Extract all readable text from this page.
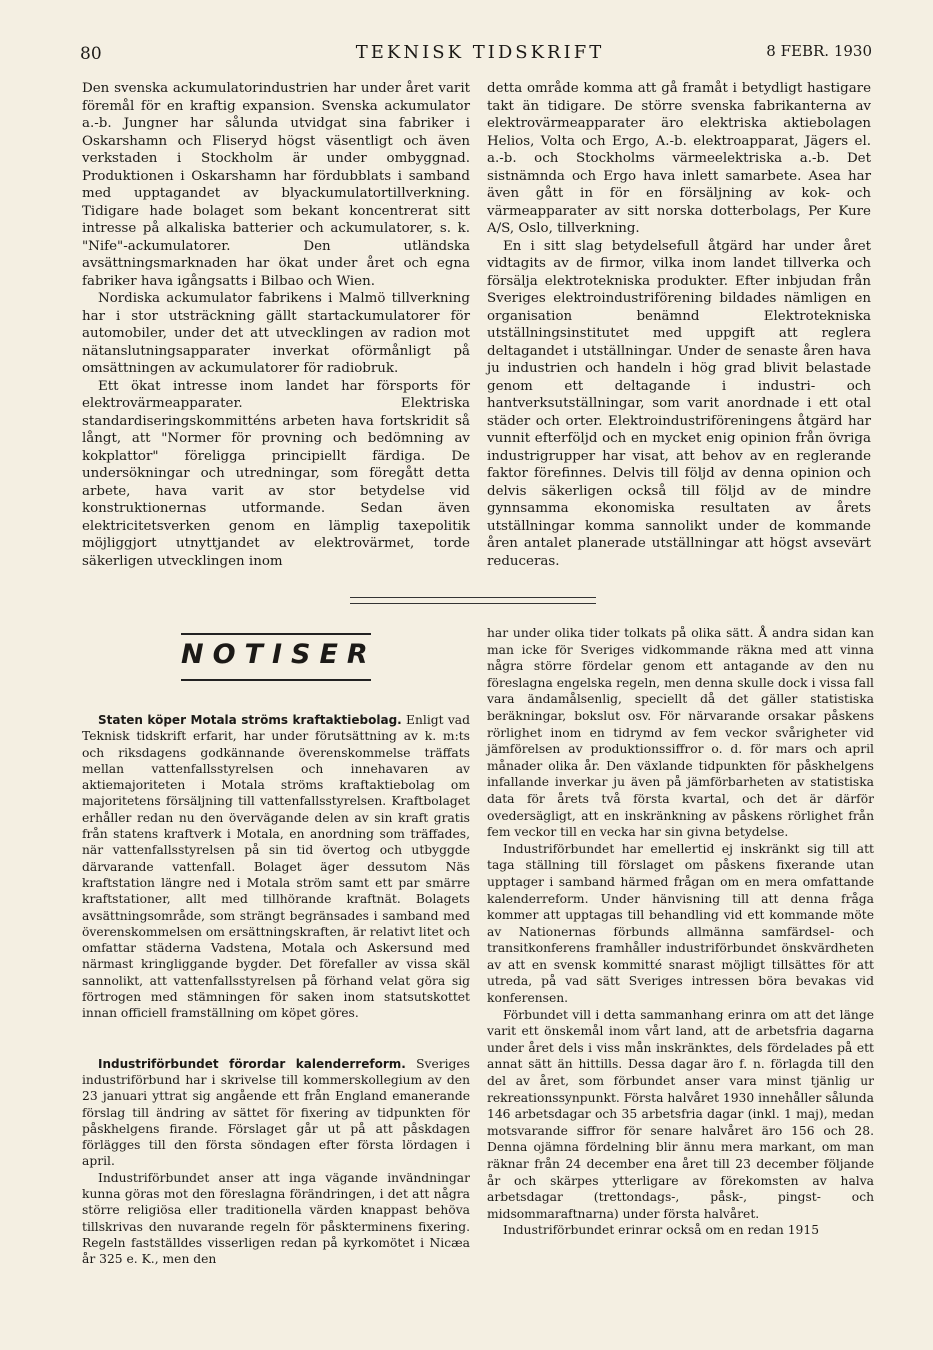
80	TEKNISK TIDSKRIFT	8 FEBR. 1930

Den svenska ackumulatorindustrien har under året varit föremål för en kraftig expansion. Svenska ackumulator a.-b. Jungner har sålunda utvidgat sina fabriker i Oskarshamn och Fliseryd högst väsentligt och även verkstaden i Stockholm är under ombyggnad. Produktionen i Oskarshamn har fördubblats i samband med upptagandet av blyackumulatortillverkning. Tidigare hade bolaget som bekant koncentrerat sitt intresse på alkaliska batterier och ackumulatorer, s. k. "Nife"-ackumulatorer. Den utländska avsättningsmarknaden har ökat under året och egna fabriker hava igångsatts i Bilbao och Wien.

Nordiska ackumulator fabrikens i Malmö tillverkning har i stor utsträckning gällt startackumulatorer för automobiler, under det att utvecklingen av radion mot nätanslutningsapparater inverkat oförmånligt på omsättningen av ackumulatorer för radiobruk.

Ett ökat intresse inom landet har försports för elektrovärmeapparater. Elektriska standardiseringskommitténs arbeten hava fortskridit så långt, att "Normer för provning och bedömning av kokplattor" föreligga principiellt färdiga. De undersökningar och utredningar, som föregått detta arbete, hava varit av stor betydelse vid konstruktionernas utformande. Sedan även elektricitetsverken genom en lämplig taxepolitik möjliggjort utnyttjandet av elektrovärmet, torde säkerligen utvecklingen inom

detta område komma att gå framåt i betydligt hastigare takt än tidigare. De större svenska fabrikanterna av elektrovärmeapparater äro elektriska aktiebolagen Helios, Volta och Ergo, A.-b. elektroapparat, Jägers el. a.-b. och Stockholms värmeelektriska a.-b. Det sistnämnda och Ergo hava inlett samarbete. Asea har även gått in för en försäljning av kok- och värmeapparater av sitt norska dotterbolags, Per Kure A/S, Oslo, tillverkning.

En i sitt slag betydelsefull åtgärd har under året vidtagits av de firmor, vilka inom landet tillverka och försälja elektrotekniska produkter. Efter inbjudan från Sveriges elektroindustriförening bildades nämligen en organisation benämnd Elektrotekniska utställningsinstitutet med uppgift att reglera deltagandet i utställningar. Under de senaste åren hava ju industrien och handeln i hög grad blivit belastade genom ett deltagande i industri- och hantverksutställningar, som varit anordnade i ett otal städer och orter. Elektroindustriföreningens åtgärd har vunnit efterföljd och en mycket enig opinion från övriga industrigrupper har visat, att behov av en reglerande faktor förefinnes. Delvis till följd av denna opinion och delvis säkerligen också till följd av de mindre gynnsamma ekonomiska resultaten av årets utställningar komma sannolikt under de kommande åren antalet planerade utställningar att högst avsevärt reduceras.

NOTISER

Staten köper Motala ströms kraftaktiebolag. Enligt vad Teknisk tidskrift erfarit, har under förutsättning av k. m:ts och riksdagens godkännande överenskommelse träffats mellan vattenfallsstyrelsen och innehavaren av aktiemajoriteten i Motala ströms kraftaktiebolag om majoritetens försäljning till vattenfallsstyrelsen. Kraftbolaget erhåller redan nu den övervägande delen av sin kraft gratis från statens kraftverk i Motala, en anordning som träffades, när vattenfallsstyrelsen på sin tid övertog och utbyggde därvarande vattenfall. Bolaget äger dessutom Näs kraftstation längre ned i Motala ström samt ett par smärre kraftstationer, allt med tillhörande kraftnät. Bolagets avsättningsområde, som strängt begränsades i samband med överenskommelsen om ersättningskraften, är relativt litet och omfattar städerna Vadstena, Motala och Askersund med närmast kringliggande bygder. Det förefaller av vissa skäl sannolikt, att vattenfallsstyrelsen på förhand velat göra sig förtrogen med stämningen för saken inom statsutskottet innan officiell framställning om köpet göres.

Industriförbundet förordar kalenderreform. Sveriges industriförbund har i skrivelse till kommerskollegium av den 23 januari yttrat sig angående ett från England emanerande förslag till ändring av sättet för fixering av tidpunkten för påskhelgens firande. Förslaget går ut på att påskdagen förlägges till den första söndagen efter första lördagen i april.

Industriförbundet anser att inga vägande invändningar kunna göras mot den föreslagna förändringen, i det att några större religiösa eller traditionella värden knappast behöva tillskrivas den nuvarande regeln för påskterminens fixering. Regeln fastställdes visserligen redan på kyrkomötet i Nicæa år 325 e. K., men den

har under olika tider tolkats på olika sätt. Å andra sidan kan man icke för Sveriges vidkommande räkna med att vinna några större fördelar genom ett antagande av den nu föreslagna engelska regeln, men denna skulle dock i vissa fall vara ändamålsenlig, speciellt då det gäller statistiska beräkningar, bokslut osv. För närvarande orsakar påskens rörlighet inom en tidrymd av fem veckor svårigheter vid jämförelsen av produktionssiffror o. d. för mars och april månader olika år. Den växlande tidpunkten för påskhelgens infallande inverkar ju även på jämförbarheten av statistiska data för årets två första kvartal, och det är därför ovedersägligt, att en inskränkning av påskens rörlighet från fem veckor till en vecka har sin givna betydelse.

Industriförbundet har emellertid ej inskränkt sig till att taga ställning till förslaget om påskens fixerande utan upptager i samband härmed frågan om en mera omfattande kalenderreform. Under hänvisning till att denna fråga kommer att upptagas till behandling vid ett kommande möte av Nationernas förbunds allmänna samfärdsel- och transitkonferens framhåller industriförbundet önskvärdheten av att en svensk kommitté snarast möjligt tillsättes för att utreda, på vad sätt Sveriges intressen böra bevakas vid konferensen.

Förbundet vill i detta sammanhang erinra om att det länge varit ett önskemål inom vårt land, att de arbetsfria dagarna under året dels i viss mån inskränktes, dels fördelades på ett annat sätt än hittills. Dessa dagar äro f. n. förlagda till den del av året, som förbundet anser vara minst tjänlig ur rekreationssynpunkt. Första halvåret 1930 innehåller sålunda 146 arbetsdagar och 35 arbetsfria dagar (inkl. 1 maj), medan motsvarande siffror för senare halvåret äro 156 och 28. Denna ojämna fördelning blir ännu mera markant, om man räknar från 24 december ena året till 23 december följande år och skärpes ytterligare av förekomsten av halva arbetsdagar (trettondags-, påsk-, pingst- och midsommaraftnarna) under första halvåret.

Industriförbundet erinrar också om en redan 1915
